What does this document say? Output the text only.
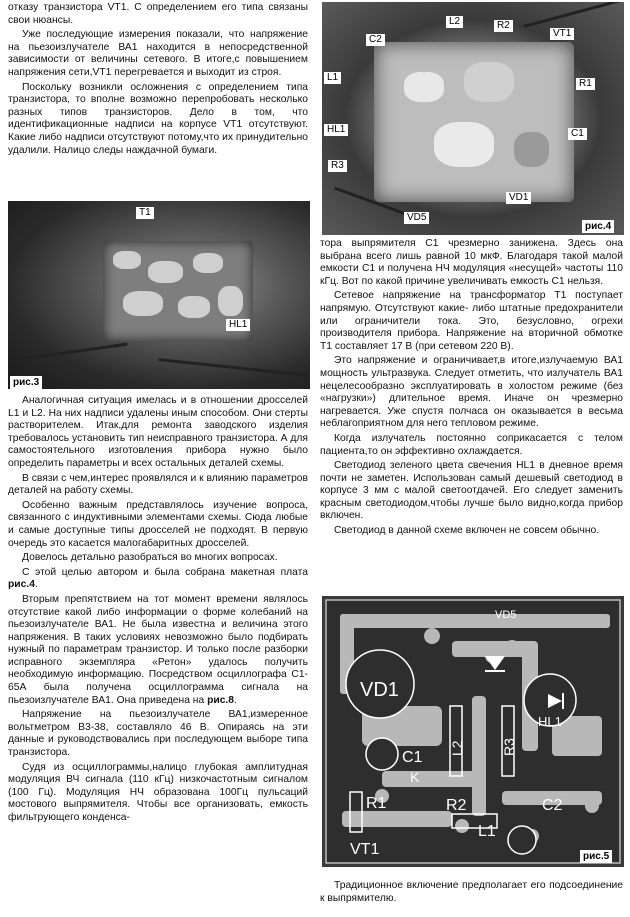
отказу транзистора VT1. С определением его типа связаны свои нюансы.

Уже последующие измерения показали, что напряжение на пьезоизлучателе ВА1 находится в непосредственной зависимости от величины сетевого. В итоге,с повышением напряжения сети,VT1 перегревается и выходит из строя.

Поскольку возникли осложнения с определением типа транзистора, то вполне возможно перепробовать несколько разных типов транзисторов. Дело в том, что идентификационные надписи на корпусе VT1 отсутствуют. Какие либо надписи отсутствуют потому,что их принудительно удалили. Налицо следы наждачной бумаги.

T1
HL1
рис.3

Аналогичная ситуация имелась и в отношении дросселей L1 и L2. На них надписи удалены иным способом. Они стерты растворителем. Итак,для ремонта заводского изделия требовалось установить тип неисправного транзистора. А для самостоятельного изготовления прибора нужно было определить параметры и всех остальных деталей схемы.

В связи с чем,интерес проявлялся и к влиянию параметров деталей на работу схемы.

Особенно важным представлялось изучение вопроса, связанного с индуктивными элементами схемы. Сюда любые и самые доступные типы дросселей не подходят. В первую очередь это касается малогабаритных дросселей.

Довелось детально разобраться во многих вопросах.

С этой целью автором и была собрана макетная плата рис.4.

Вторым препятствием на тот момент времени являлось отсутствие какой либо информации о форме колебаний на пьезоизлучателе ВА1. Не была известна и величина этого напряжения. В таких условиях невозможно было подбирать нужный по параметрам транзистор. И только после разборки исправного экземпляра «Ретон» удалось получить необходимую информацию. Посредством осциллографа С1- 65А была получена осциллограмма сигнала на пьезоизлучателе ВА1. Она приведена на рис.8.

Напряжение на пьезоизлучателе ВА1,измеренное вольтметром В3-38, составляло 46 В. Опираясь на эти данные и руководствовались при последующем выборе типа транзистора.

Судя из осциллограммы,налицо глубокая амплитудная модуляция ВЧ сигнала (110 кГц) низкочастотным сигналом (100 Гц). Модуляция НЧ образована 100Гц пульсаций мостового выпрямителя. Чтобы все организовать, емкость фильтрующего конденса-

L2	R2
VT1
C2
L1
R1
HL1	C1
R3
VD1
VD5
рис.4

тора выпрямителя С1 чрезмерно занижена. Здесь она выбрана всего лишь равной 10 мкФ. Благодаря такой малой емкости С1 и получена НЧ модуляция «несущей» частоты 110 кГц. Вот по какой причине увеличивать емкость С1 нельзя.

Сетевое напряжение на трансформатор Т1 поступает напрямую. Отсутствуют какие- либо штатные предохранители или ограничители тока. Это, безусловно, огрехи производителя прибора. Напряжение на вторичной обмотке Т1 составляет 17 В (при сетевом 220 В).

Это напряжение и ограничивает,в итоге,излучаемую ВА1 мощность ультразвука. Следует отметить, что излучатель ВА1 нецелесообразно эксплуатировать в холостом режиме (без «нагрузки») длительное время. Иначе он чрезмерно нагревается. Уже спустя полчаса он оказывается в весьма неблагоприятном для него тепловом режиме.

Когда излучатель постоянно соприкасается с телом пациента,то он эффективно охлаждается.

Светодиод зеленого цвета свечения HL1 в дневное время почти не заметен. Использован самый дешевый светодиод в корпусе 3 мм с малой светоотдачей. Его следует заменить красным светодиодом,чтобы лучше было видно,когда прибор включен.

Светодиод в данной схеме включен не совсем обычно.

VD5
VD1
HL1
L2	R3
C1
K
R1	R2	C2
L1
VT1	рис.5

Традиционное включение предполагает его подсоединение к выпрямителю.
